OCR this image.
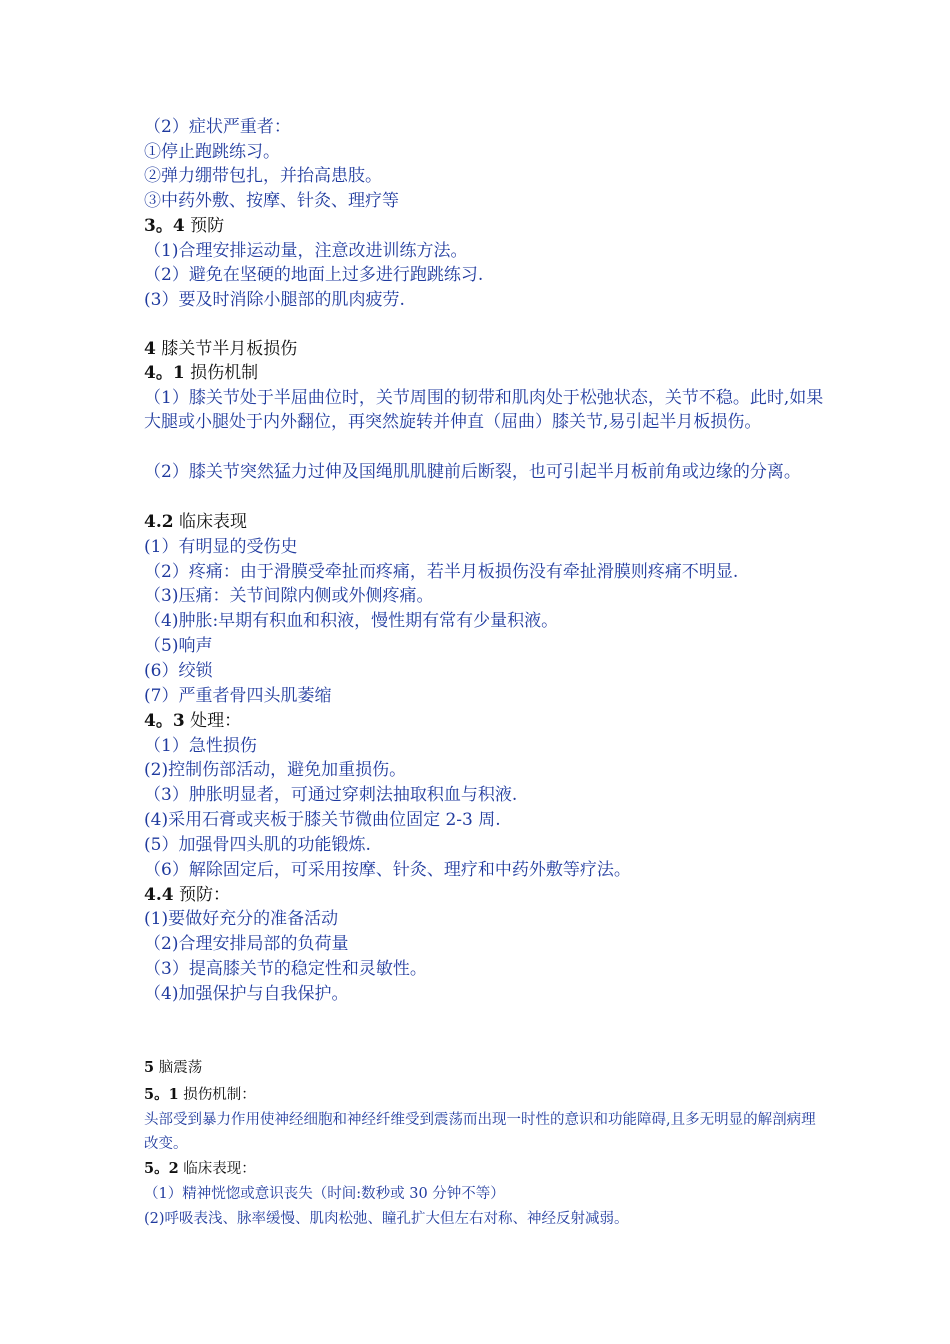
（2）症状严重者：
①停止跑跳练习。
②弹力绷带包扎，并抬高患肢。
③中药外敷、按摩、针灸、理疗等
3。4 预防
（1)合理安排运动量，注意改进训练方法。
（2）避免在坚硬的地面上过多进行跑跳练习.
(3）要及时消除小腿部的肌肉疲劳.
4 膝关节半月板损伤
4。1 损伤机制
（1）膝关节处于半屈曲位时，关节周围的韧带和肌肉处于松弛状态，关节不稳。此时,如果大腿或小腿处于内外翻位，再突然旋转并伸直（屈曲）膝关节,易引起半月板损伤。
（2）膝关节突然猛力过伸及国绳肌肌腱前后断裂，也可引起半月板前角或边缘的分离。
4.2 临床表现
(1）有明显的受伤史
（2）疼痛：由于滑膜受牵扯而疼痛，若半月板损伤没有牵扯滑膜则疼痛不明显.
（3)压痛：关节间隙内侧或外侧疼痛。
（4)肿胀:早期有积血和积液，慢性期有常有少量积液。
（5)响声
(6）绞锁
(7）严重者骨四头肌萎缩
4。3 处理：
（1）急性损伤
(2)控制伤部活动，避免加重损伤。
（3）肿胀明显者，可通过穿刺法抽取积血与积液.
(4)采用石膏或夹板于膝关节微曲位固定 2-3 周.
(5）加强骨四头肌的功能锻炼.
（6）解除固定后，可采用按摩、针灸、理疗和中药外敷等疗法。
4.4 预防：
(1)要做好充分的准备活动
（2)合理安排局部的负荷量
（3）提高膝关节的稳定性和灵敏性。
（4)加强保护与自我保护。
5 脑震荡
5。1 损伤机制：
头部受到暴力作用使神经细胞和神经纤维受到震荡而出现一时性的意识和功能障碍,且多无明显的解剖病理改变。
5。2 临床表现：
（1）精神恍惚或意识丧失（时间:数秒或 30 分钟不等）
(2)呼吸表浅、脉率缓慢、肌肉松弛、瞳孔扩大但左右对称、神经反射减弱。
